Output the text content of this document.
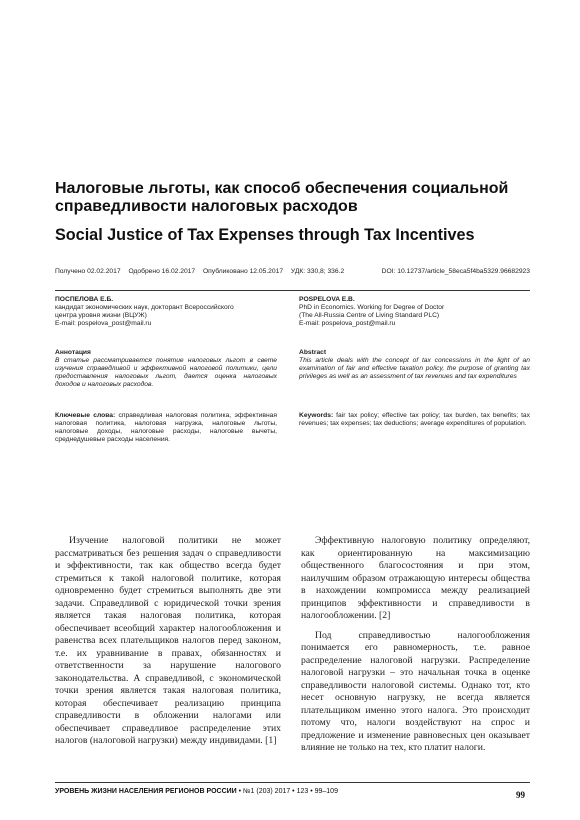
Налоговые льготы, как способ обеспечения социальной справедливости налоговых расходов
Social Justice of Tax Expenses through Tax Incentives
Получено 02.02.2017 Одобрено 16.02.2017 Опубликовано 12.05.2017 УДК: 330,8; 336.2	DOI: 10.12737/article_58eca5f4ba5329.96682923
ПОСПЕЛОВА Е.Б.
кандидат экономических наук, докторант Всероссийского
центра уровня жизни (ВЦУЖ)
E-mail: pospelova_post@mail.ru
POSPELOVA E.B.
PhD in Economics. Working for Degree of Doctor
(The All-Russia Centre of Living Standard PLC)
E-mail: pospelova_post@mail.ru
Аннотация
В статье рассматривается понятие налоговых льгот в свете изучения справедливой и эффективной налоговой политики, цели предоставления налоговых льгот, дается оценка налоговых доходов и налоговых расходов.
Abstract
This article deals with the concept of tax concessions in the light of an examination of fair and effective taxation policy, the purpose of granting tax privileges as well as an assessment of tax revenues and tax expenditures
Ключевые слова: справедливая налоговая политика, эффективная налоговая политика, налоговая нагрузка, налоговые льготы, налоговые доходы, налоговые расходы, налоговые вычеты, среднедушевые расходы населения.
Keywords: fair tax policy; effective tax policy; tax burden, tax benefits; tax revenues; tax expenses; tax deductions; average expenditures of population.

Изучение налоговой политики не может рассматриваться без решения задач о справедливости и эффективности, так как общество всегда будет стремиться к такой налоговой политике, которая одновременно будет стремиться выполнять две эти задачи. Справедливой с юридической точки зрения является такая налоговая политика, которая обеспечивает всеобщий характер налогообложения и равенства всех плательщиков налогов перед законом, т.е. их уравнивание в правах, обязанностях и ответственности за нарушение налогового законодательства. А справедливой, с экономической точки зрения является такая налоговая политика, которая обеспечивает реализацию принципа справедливости в обложении налогами или обеспечивает справедливое распределение этих налогов (налоговой нагрузки) между индивидами. [1]

Эффективную налоговую политику определяют, как ориентированную на максимизацию общественного благосостояния и при этом, наилучшим образом отражающую интересы общества в нахождении компромисса между реализацией принципов эффективности и справедливости в налогообложении. [2]

Под справедливостью налогообложения понимается его равномерность, т.е. равное распределение налоговой нагрузки. Распределение налоговой нагрузки – это начальная точка в оценке справедливости налоговой системы. Однако тот, кто несет основную нагрузку, не всегда является плательщиком именно этого налога. Это происходит потому что, налоги воздействуют на спрос и предложение и изменение равновесных цен оказывает влияние не только на тех, кто платит налоги.

УРОВЕНЬ ЖИЗНИ НАСЕЛЕНИЯ РЕГИОНОВ РОССИИ • №1 (203) 2017 • 123 • 99–109	99
